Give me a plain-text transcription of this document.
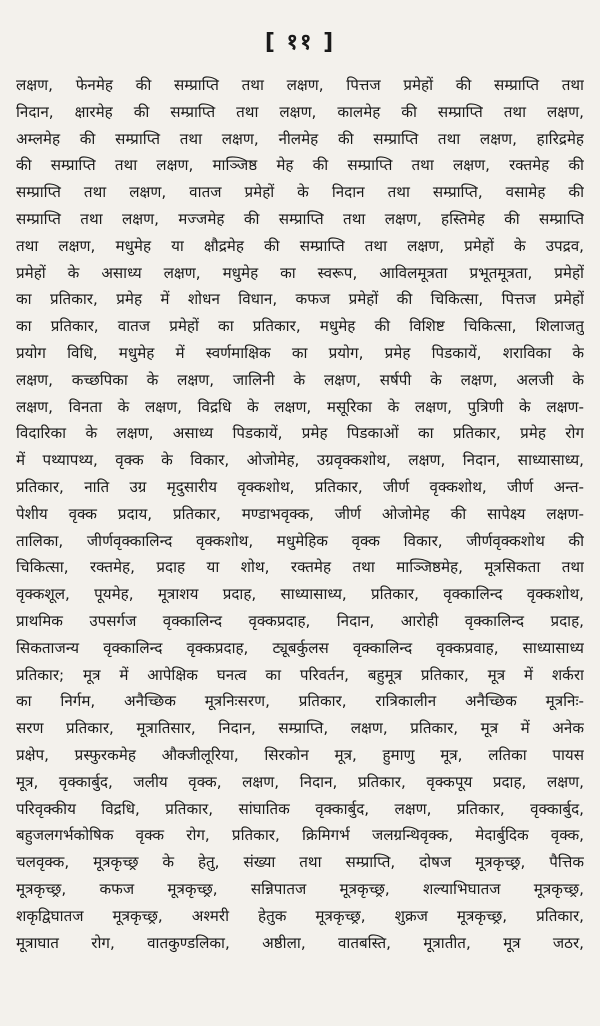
[ ११ ]
लक्षण, फेनमेह की सम्प्राप्ति तथा लक्षण, पित्तज प्रमेहों की सम्प्राप्ति तथा
निदान, क्षारमेह की सम्प्राप्ति तथा लक्षण, कालमेह की सम्प्राप्ति तथा लक्षण,
अम्लमेह की सम्प्राप्ति तथा लक्षण, नीलमेह की सम्प्राप्ति तथा लक्षण, हारिद्रमेह
की सम्प्राप्ति तथा लक्षण, माञ्जिष्ठ मेह की सम्प्राप्ति तथा लक्षण, रक्तमेह की
सम्प्राप्ति तथा लक्षण, वातज प्रमेहों के निदान तथा सम्प्राप्ति, वसामेह की
सम्प्राप्ति तथा लक्षण, मज्जमेह की सम्प्राप्ति तथा लक्षण, हस्तिमेह की सम्प्राप्ति
तथा लक्षण, मधुमेह या क्षौद्रमेह की सम्प्राप्ति तथा लक्षण, प्रमेहों के उपद्रव,
प्रमेहों के असाध्य लक्षण, मधुमेह का स्वरूप, आविलमूत्रता प्रभूतमूत्रता, प्रमेहों
का प्रतिकार, प्रमेह में शोधन विधान, कफज प्रमेहों की चिकित्सा, पित्तज प्रमेहों
का प्रतिकार, वातज प्रमेहों का प्रतिकार, मधुमेह की विशिष्ट चिकित्सा, शिलाजतु
प्रयोग विधि, मधुमेह में स्वर्णमाक्षिक का प्रयोग, प्रमेह पिडकायें, शराविका के
लक्षण, कच्छपिका के लक्षण, जालिनी के लक्षण, सर्षपी के लक्षण, अलजी के
लक्षण, विनता के लक्षण, विद्रधि के लक्षण, मसूरिका के लक्षण, पुत्रिणी के लक्षण-
विदारिका के लक्षण, असाध्य पिडकायें, प्रमेह पिडकाओं का प्रतिकार, प्रमेह रोग
में पथ्यापथ्य, वृक्क के विकार, ओजोमेह, उग्रवृक्कशोथ, लक्षण, निदान, साध्यासाध्य,
प्रतिकार, नाति उग्र मृदुसारीय वृक्कशोथ, प्रतिकार, जीर्ण वृक्कशोथ, जीर्ण अन्त-
पेशीय वृक्क प्रदाय, प्रतिकार, मण्डाभवृक्क, जीर्ण ओजोमेह की सापेक्ष्य लक्षण-
तालिका, जीर्णवृक्कालिन्द वृक्कशोथ, मधुमेहिक वृक्क विकार, जीर्णवृक्कशोथ की
चिकित्सा, रक्तमेह, प्रदाह या शोथ, रक्तमेह तथा माञ्जिष्ठमेह, मूत्रसिकता तथा
वृक्कशूल, पूयमेह, मूत्राशय प्रदाह, साध्यासाध्य, प्रतिकार, वृक्कालिन्द वृक्कशोथ,
प्राथमिक उपसर्गज वृक्कालिन्द वृक्कप्रदाह, निदान, आरोही वृक्कालिन्द प्रदाह,
सिकताजन्य वृक्कालिन्द वृक्कप्रदाह, ट्यूबर्कुलस वृक्कालिन्द वृक्कप्रवाह, साध्यासाध्य
प्रतिकार; मूत्र में आपेक्षिक घनत्व का परिवर्तन, बहुमूत्र प्रतिकार, मूत्र में शर्करा
का निर्गम, अनैच्छिक मूत्रनिःसरण, प्रतिकार, रात्रिकालीन अनैच्छिक मूत्रनिः-
सरण प्रतिकार, मूत्रातिसार, निदान, सम्प्राप्ति, लक्षण, प्रतिकार, मूत्र में अनेक
प्रक्षेप, प्रस्फुरकमेह औक्जीलूरिया, सिरकोन मूत्र, हुमाणु मूत्र, लतिका पायस
मूत्र, वृक्कार्बुद, जलीय वृक्क, लक्षण, निदान, प्रतिकार, वृक्कपूय प्रदाह, लक्षण,
परिवृक्कीय विद्रधि, प्रतिकार, सांघातिक वृक्कार्बुद, लक्षण, प्रतिकार, वृक्कार्बुद,
बहुजलगर्भकोषिक वृक्क रोग, प्रतिकार, क्रिमिगर्भ जलग्रन्थिवृक्क, मेदार्बुदिक वृक्क,
चलवृक्क, मूत्रकृच्छ्र के हेतु, संख्या तथा सम्प्राप्ति, दोषज मूत्रकृच्छ्र, पैत्तिक
मूत्रकृच्छ्र, कफज मूत्रकृच्छ्र, सन्निपातज मूत्रकृच्छ्र, शल्याभिघातज मूत्रकृच्छ्र,
शकृद्विघातज मूत्रकृच्छ्र, अश्मरी हेतुक मूत्रकृच्छ्र, शुक्रज मूत्रकृच्छ्र, प्रतिकार,
मूत्राघात रोग, वातकुण्डलिका, अष्ठीला, वातबस्ति, मूत्रातीत, मूत्र जठर,
